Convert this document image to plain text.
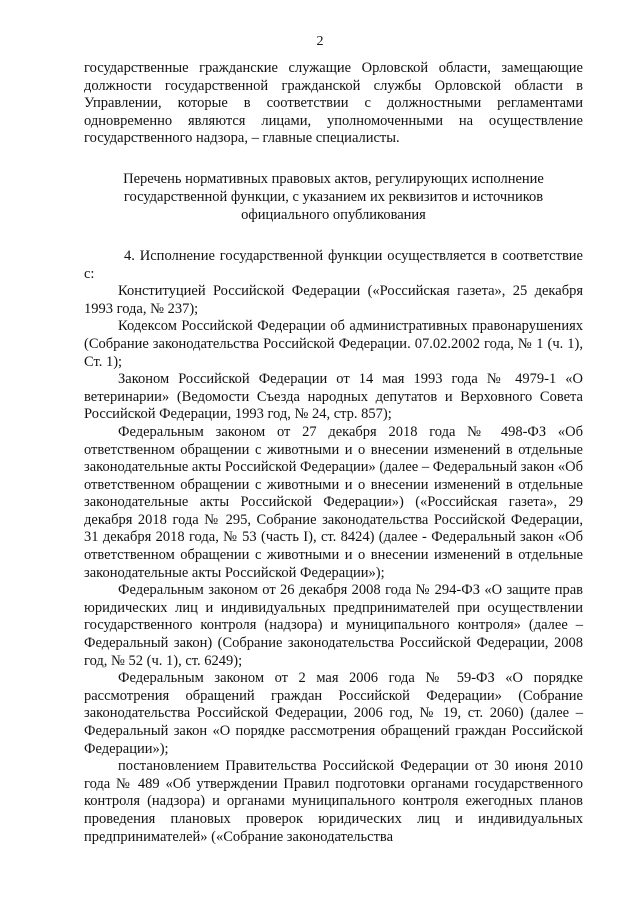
2

государственные гражданские служащие Орловской области, замещающие должности государственной гражданской службы Орловской области в Управлении, которые в соответствии с должностными регламентами одновременно являются лицами, уполномоченными на осуществление государственного надзора, – главные специалисты.

Перечень нормативных правовых актов, регулирующих исполнение
государственной функции, с указанием их реквизитов и источников
официального опубликования

4. Исполнение государственной функции осуществляется в соответствие с:

Конституцией Российской Федерации («Российская газета», 25 декабря 1993 года, № 237);

Кодексом Российской Федерации об административных правонарушениях (Собрание законодательства Российской Федерации. 07.02.2002 года, № 1 (ч. 1), Ст. 1);

Законом Российской Федерации от 14 мая 1993 года № 4979-1 «О ветеринарии» (Ведомости Съезда народных депутатов и Верховного Совета Российской Федерации, 1993 год, № 24, стр. 857);

Федеральным законом от 27 декабря 2018 года № 498-ФЗ «Об ответственном обращении с животными и о внесении изменений в отдельные законодательные акты Российской Федерации» (далее – Федеральный закон «Об ответственном обращении с животными и о внесении изменений в отдельные законодательные акты Российской Федерации») («Российская газета», 29 декабря 2018 года № 295, Собрание законодательства Российской Федерации, 31 декабря 2018 года, № 53 (часть I), ст. 8424) (далее - Федеральный закон «Об ответственном обращении с животными и о внесении изменений в отдельные законодательные акты Российской Федерации»);

Федеральным законом от 26 декабря 2008 года № 294-ФЗ «О защите прав юридических лиц и индивидуальных предпринимателей при осуществлении государственного контроля (надзора) и муниципального контроля» (далее – Федеральный закон) (Собрание законодательства Российской Федерации, 2008 год, № 52 (ч. 1), ст. 6249);

Федеральным законом от 2 мая 2006 года № 59-ФЗ «О порядке рассмотрения обращений граждан Российской Федерации» (Собрание законодательства Российской Федерации, 2006 год, № 19, ст. 2060) (далее – Федеральный закон «О порядке рассмотрения обращений граждан Российской Федерации»);

постановлением Правительства Российской Федерации от 30 июня 2010 года № 489 «Об утверждении Правил подготовки органами государственного контроля (надзора) и органами муниципального контроля ежегодных планов проведения плановых проверок юридических лиц и индивидуальных предпринимателей» («Собрание законодательства
